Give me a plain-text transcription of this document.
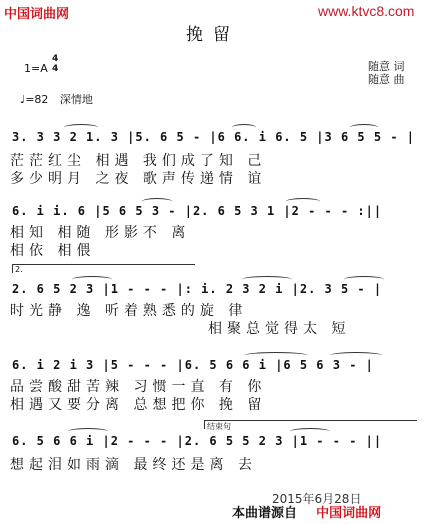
中国词曲网	www.ktvc8.com
挽留
1=A
4
4	随意 词
随意 曲
♩=82 深情地
3. 3 3 2 1. 3 |5. 6 5 - |6 6. i 6. 5 |3 6 5 5 - |
茫茫红尘 相遇 我们成了知 己
多少明月 之夜 歌声传递情 谊
6. i i. 6 |5 6 5 3 - |2. 6 5 3 1 |2 - - - :||
相知 相随 形影不 离
相依 相偎
2.
2. 6 5 2 3 |1 - - - |: i. 2 3 2 i |2. 3 5 - |
时光静 逸 听着熟悉的旋 律
相聚总觉得太 短
6. i 2 i 3 |5 - - - |6. 5 6 6 i |6 5 6 3 - |
品尝酸甜苦辣 习惯一直 有 你
相遇又要分离 总想把你 挽 留
结束句
6. 5 6 6 i |2 - - - |2. 6 5 5 2 3 |1 - - - ||
想起泪如雨滴 最终还是离 去
2015年6月28日
本曲谱源自 中国词曲网
